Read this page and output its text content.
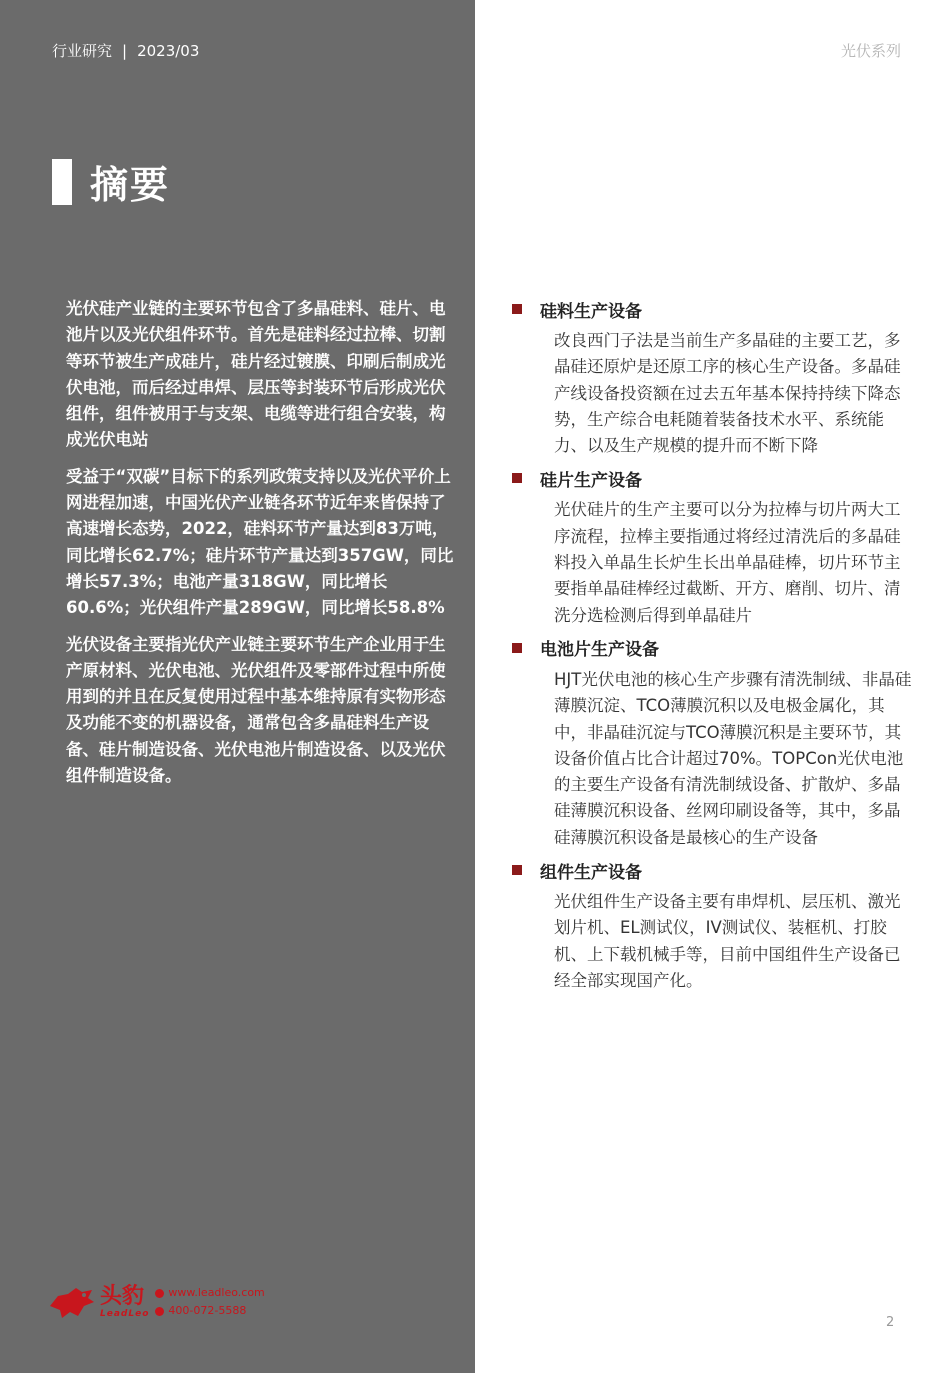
行业研究 | 2023/03
摘要

光伏硅产业链的主要环节包含了多晶硅料、硅片、电池片以及光伏组件环节。首先是硅料经过拉棒、切割等环节被生产成硅片，硅片经过镀膜、印刷后制成光伏电池，而后经过串焊、层压等封装环节后形成光伏组件，组件被用于与支架、电缆等进行组合安装，构成光伏电站

受益于“双碳”目标下的系列政策支持以及光伏平价上网进程加速，中国光伏产业链各环节近年来皆保持了高速增长态势，2022，硅料环节产量达到83万吨，同比增长62.7%；硅片环节产量达到357GW，同比增长57.3%；电池产量318GW，同比增长60.6%；光伏组件产量289GW，同比增长58.8%

光伏设备主要指光伏产业链主要环节生产企业用于生产原材料、光伏电池、光伏组件及零部件过程中所使用到的并且在反复使用过程中基本维持原有实物形态及功能不变的机器设备，通常包含多晶硅料生产设备、硅片制造设备、光伏电池片制造设备、以及光伏组件制造设备。

头豹
LeadLeo
www.leadleo.com
400-072-5588
光伏系列
硅料生产设备
改良西门子法是当前生产多晶硅的主要工艺，多晶硅还原炉是还原工序的核心生产设备。多晶硅产线设备投资额在过去五年基本保持持续下降态势，生产综合电耗随着装备技术水平、系统能力、以及生产规模的提升而不断下降
硅片生产设备
光伏硅片的生产主要可以分为拉棒与切片两大工序流程，拉棒主要指通过将经过清洗后的多晶硅料投入单晶生长炉生长出单晶硅棒，切片环节主要指单晶硅棒经过截断、开方、磨削、切片、清洗分选检测后得到单晶硅片
电池片生产设备
HJT光伏电池的核心生产步骤有清洗制绒、非晶硅薄膜沉淀、TCO薄膜沉积以及电极金属化，其中，非晶硅沉淀与TCO薄膜沉积是主要环节，其设备价值占比合计超过70%。TOPCon光伏电池的主要生产设备有清洗制绒设备、扩散炉、多晶硅薄膜沉积设备、丝网印刷设备等，其中，多晶硅薄膜沉积设备是最核心的生产设备
组件生产设备
光伏组件生产设备主要有串焊机、层压机、激光划片机、EL测试仪，IV测试仪、装框机、打胶机、上下载机械手等，目前中国组件生产设备已经全部实现国产化。
2
